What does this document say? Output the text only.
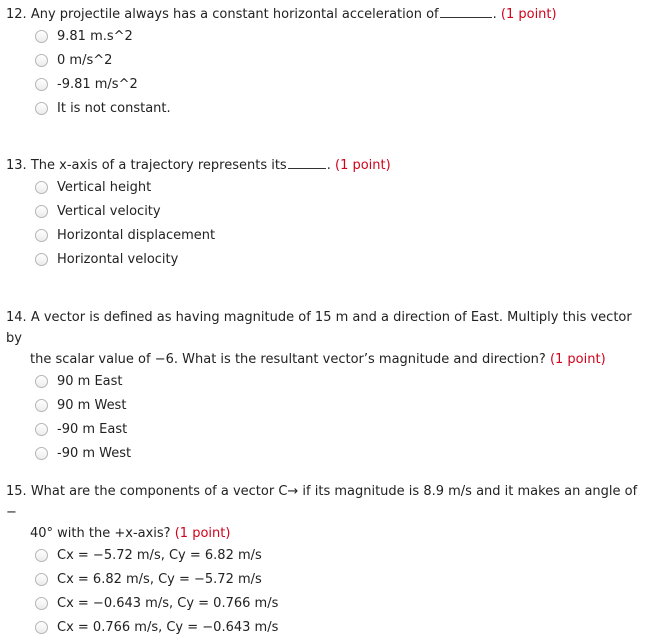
12. Any projectile always has a constant horizontal acceleration of	. (1 point)
9.81 m.s^2
0 m/s^2
-9.81 m/s^2
It is not constant.
13. The x-axis of a trajectory represents its	. (1 point)
Vertical height
Vertical velocity
Horizontal displacement
Horizontal velocity
14. A vector is defined as having magnitude of 15 m and a direction of East. Multiply this vector by
the scalar value of −6. What is the resultant vector’s magnitude and direction? (1 point)
90 m East
90 m West
-90 m East
-90 m West
15. What are the components of a vector C→ if its magnitude is 8.9 m/s and it makes an angle of −
40° with the +x-axis? (1 point)
Cx = −5.72 m/s, Cy = 6.82 m/s
Cx = 6.82 m/s, Cy = −5.72 m/s
Cx = −0.643 m/s, Cy = 0.766 m/s
Cx = 0.766 m/s, Cy = −0.643 m/s
